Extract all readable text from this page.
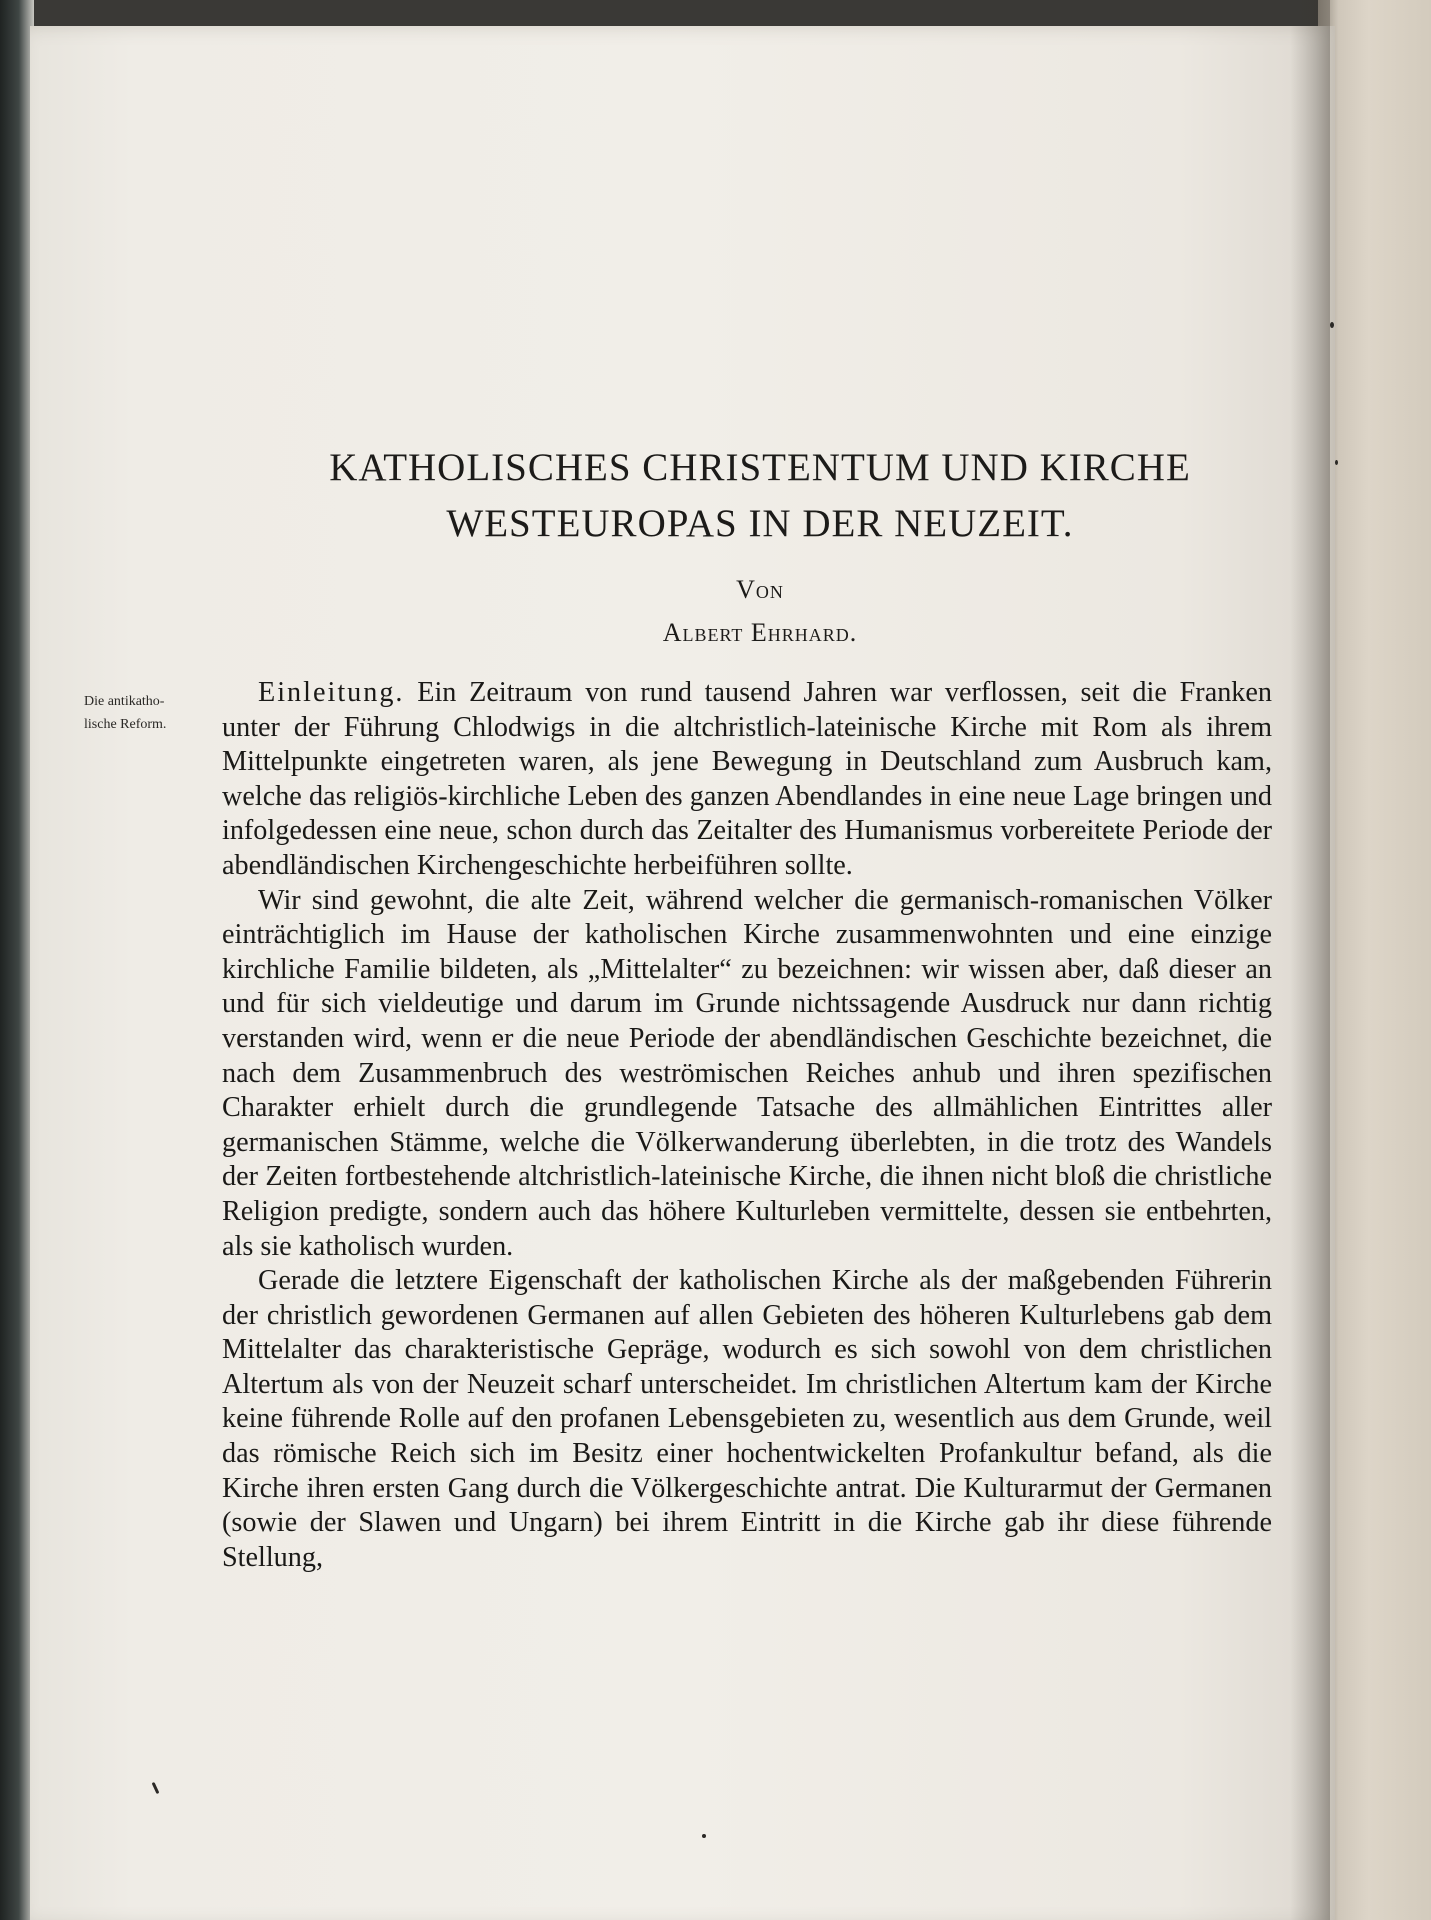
KATHOLISCHES CHRISTENTUM UND KIRCHE
WESTEUROPAS IN DER NEUZEIT.
Von
Albert Ehrhard.
Die antikatho-
lische Reform.

Einleitung. Ein Zeitraum von rund tausend Jahren war verflossen, seit die Franken unter der Führung Chlodwigs in die altchristlich-lateinische Kirche mit Rom als ihrem Mittelpunkte eingetreten waren, als jene Bewegung in Deutschland zum Ausbruch kam, welche das religiös-kirchliche Leben des ganzen Abendlandes in eine neue Lage bringen und infolgedessen eine neue, schon durch das Zeitalter des Humanismus vorbereitete Periode der abendländischen Kirchengeschichte herbeiführen sollte.

Wir sind gewohnt, die alte Zeit, während welcher die germanisch-romanischen Völker einträchtiglich im Hause der katholischen Kirche zusammenwohnten und eine einzige kirchliche Familie bildeten, als „Mittelalter“ zu bezeichnen: wir wissen aber, daß dieser an und für sich vieldeutige und darum im Grunde nichtssagende Ausdruck nur dann richtig verstanden wird, wenn er die neue Periode der abendländischen Geschichte bezeichnet, die nach dem Zusammenbruch des weströmischen Reiches anhub und ihren spezifischen Charakter erhielt durch die grundlegende Tatsache des allmählichen Eintrittes aller germanischen Stämme, welche die Völkerwanderung überlebten, in die trotz des Wandels der Zeiten fortbestehende altchristlich-lateinische Kirche, die ihnen nicht bloß die christliche Religion predigte, sondern auch das höhere Kulturleben vermittelte, dessen sie entbehrten, als sie katholisch wurden.

Gerade die letztere Eigenschaft der katholischen Kirche als der maßgebenden Führerin der christlich gewordenen Germanen auf allen Gebieten des höheren Kulturlebens gab dem Mittelalter das charakteristische Gepräge, wodurch es sich sowohl von dem christlichen Altertum als von der Neuzeit scharf unterscheidet. Im christlichen Altertum kam der Kirche keine führende Rolle auf den profanen Lebensgebieten zu, wesentlich aus dem Grunde, weil das römische Reich sich im Besitz einer hochentwickelten Profankultur befand, als die Kirche ihren ersten Gang durch die Völkergeschichte antrat. Die Kulturarmut der Germanen (sowie der Slawen und Ungarn) bei ihrem Eintritt in die Kirche gab ihr diese führende Stellung,
